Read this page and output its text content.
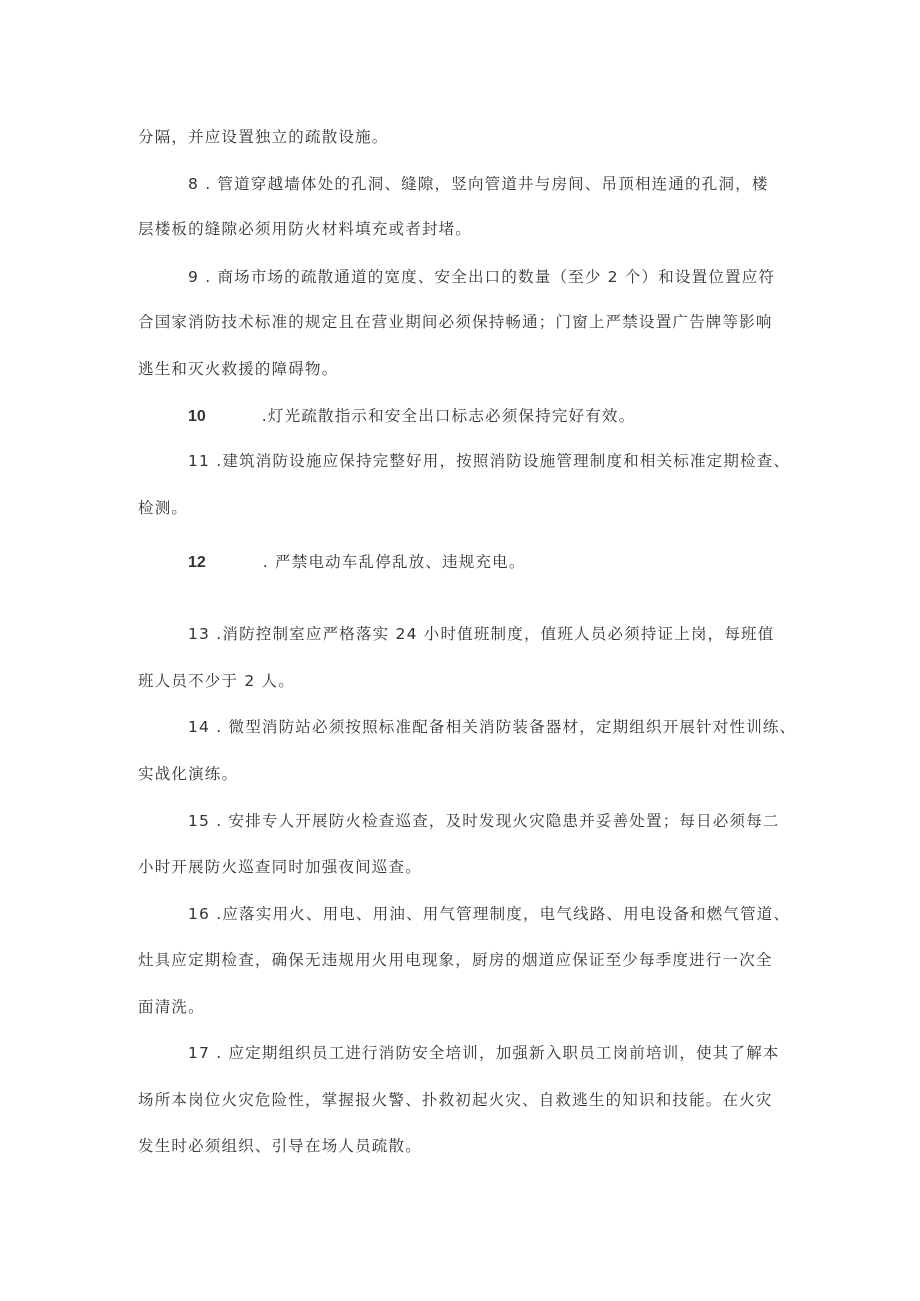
分隔，并应设置独立的疏散设施。
8 . 管道穿越墙体处的孔洞、缝隙，竖向管道井与房间、吊顶相连通的孔洞，楼
层楼板的缝隙必须用防火材料填充或者封堵。
9 . 商场市场的疏散通道的宽度、安全出口的数量（至少 2 个）和设置位置应符
合国家消防技术标准的规定且在营业期间必须保持畅通；门窗上严禁设置广告牌等影响
逃生和灭火救援的障碍物。
10	.灯光疏散指示和安全出口标志必须保持完好有效。
11 .建筑消防设施应保持完整好用，按照消防设施管理制度和相关标准定期检查、
检测。
12	. 严禁电动车乱停乱放、违规充电。
13 .消防控制室应严格落实 24 小时值班制度，值班人员必须持证上岗，每班值
班人员不少于 2 人。
14 . 微型消防站必须按照标准配备相关消防装备器材，定期组织开展针对性训练、
实战化演练。
15 . 安排专人开展防火检查巡查，及时发现火灾隐患并妥善处置；每日必须每二
小时开展防火巡查同时加强夜间巡查。
16 .应落实用火、用电、用油、用气管理制度，电气线路、用电设备和燃气管道、
灶具应定期检查，确保无违规用火用电现象，厨房的烟道应保证至少每季度进行一次全
面清洗。
17 . 应定期组织员工进行消防安全培训，加强新入职员工岗前培训，使其了解本
场所本岗位火灾危险性，掌握报火警、扑救初起火灾、自救逃生的知识和技能。在火灾
发生时必须组织、引导在场人员疏散。
